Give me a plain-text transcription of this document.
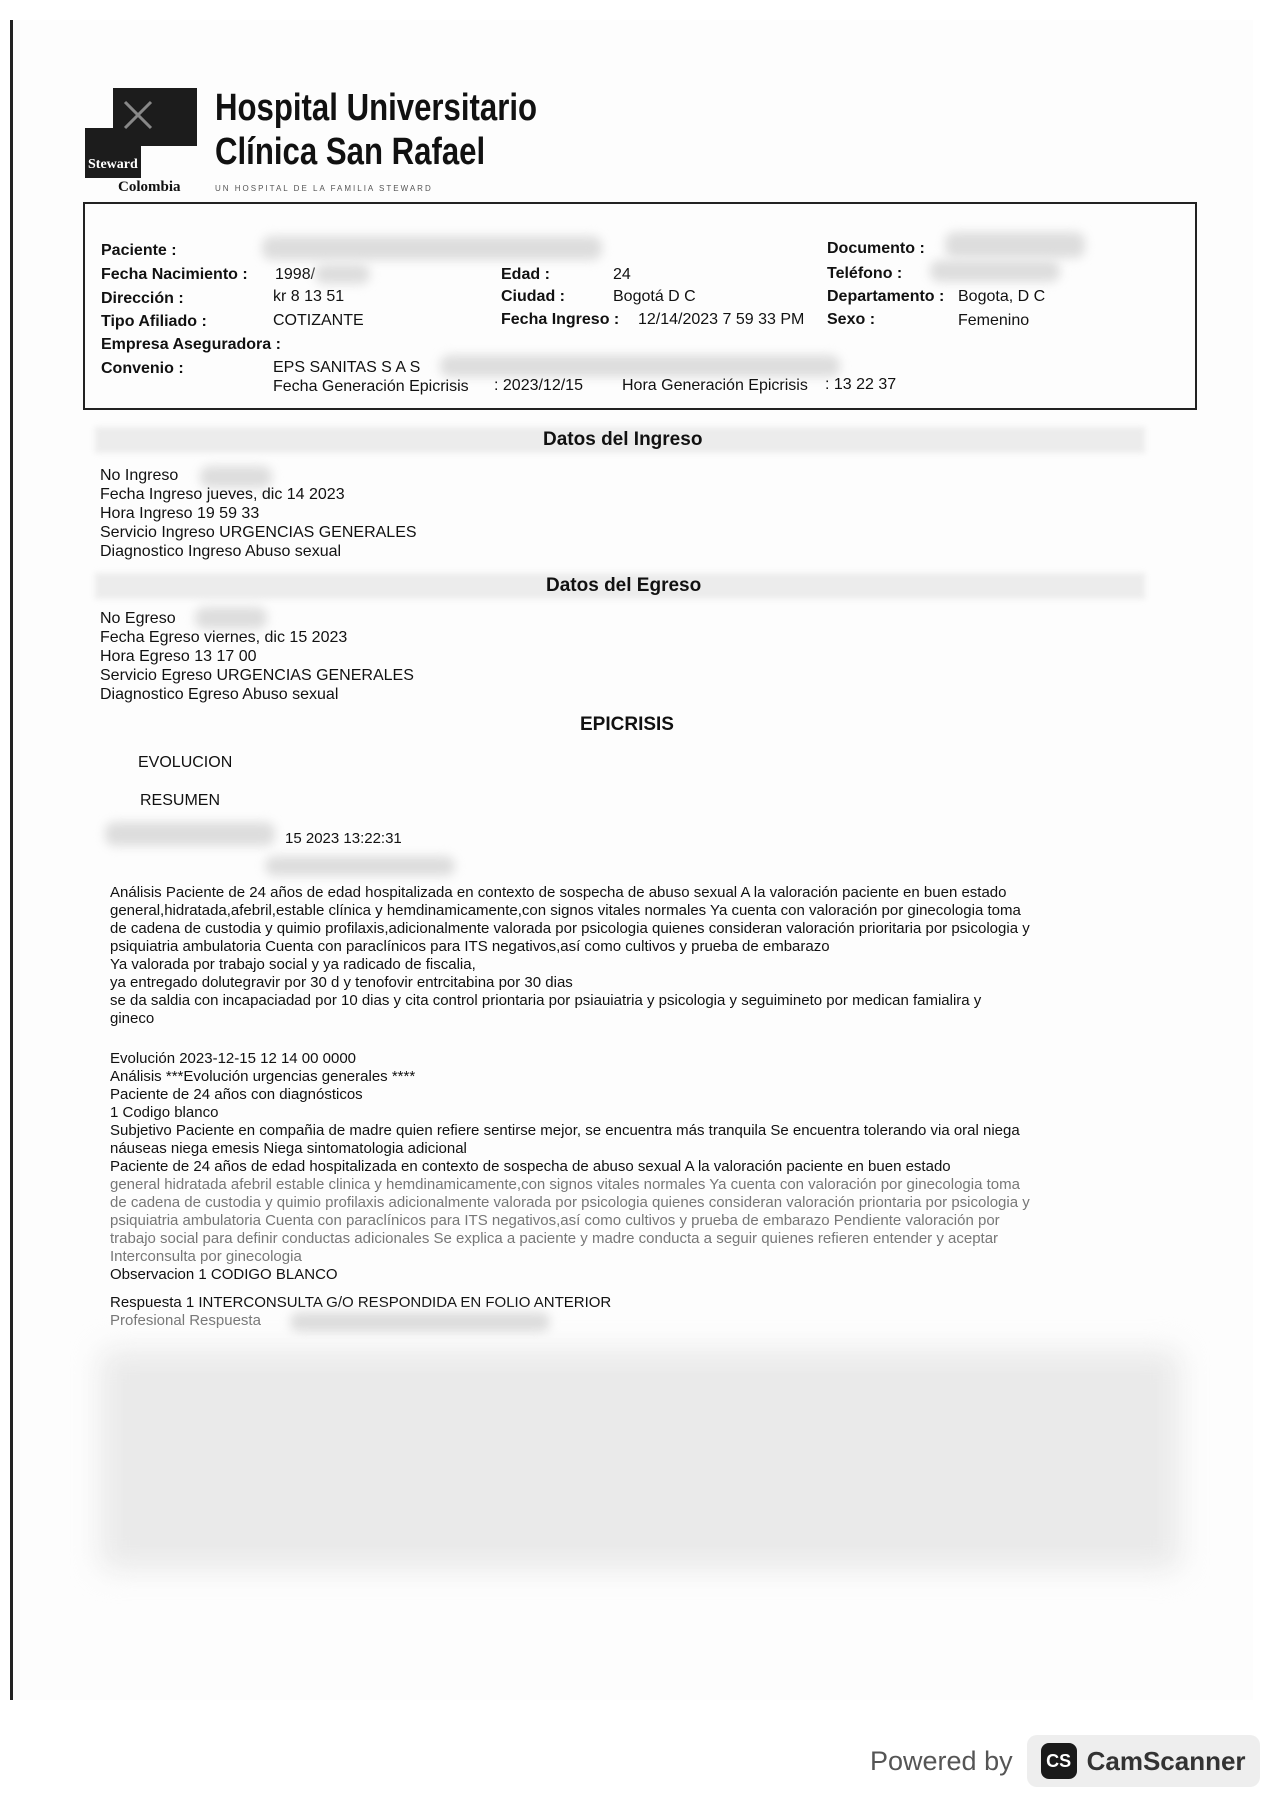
Steward
Hospital Universitario
Clínica San Rafael
Colombia	UN HOSPITAL DE LA FAMILIA STEWARD
Paciente :	Documento :
Fecha Nacimiento : 1998/	Edad :	24	Teléfono :
Dirección :	kr 8 13 51	Ciudad :	Bogotá D C	Departamento : Bogota, D C
Tipo Afiliado :	COTIZANTE	Fecha Ingreso : 12/14/2023 7 59 33 PM Sexo :	Femenino
Empresa Aseguradora :
Convenio :	EPS SANITAS S A S
Fecha Generación Epicrisis : 2023/12/15 Hora Generación Epicrisis : 13 22 37
Datos del Ingreso
No Ingreso
Fecha Ingreso jueves, dic 14 2023
Hora Ingreso 19 59 33
Servicio Ingreso URGENCIAS GENERALES
Diagnostico Ingreso Abuso sexual
Datos del Egreso
No Egreso
Fecha Egreso viernes, dic 15 2023
Hora Egreso 13 17 00
Servicio Egreso URGENCIAS GENERALES
Diagnostico Egreso Abuso sexual
EPICRISIS
EVOLUCION
RESUMEN
15 2023 13:22:31
Análisis Paciente de 24 años de edad hospitalizada en contexto de sospecha de abuso sexual A la valoración paciente en buen estado
general,hidratada,afebril,estable clínica y hemdinamicamente,con signos vitales normales Ya cuenta con valoración por ginecologia toma
de cadena de custodia y quimio profilaxis,adicionalmente valorada por psicologia quienes consideran valoración prioritaria por psicologia y
psiquiatria ambulatoria Cuenta con paraclínicos para ITS negativos,así como cultivos y prueba de embarazo
Ya valorada por trabajo social y ya radicado de fiscalia,
ya entregado dolutegravir por 30 d y tenofovir entrcitabina por 30 dias
se da saldia con incapaciadad por 10 dias y cita control priontaria por psiauiatria y psicologia y seguimineto por medican famialira y
gineco
Evolución 2023-12-15 12 14 00 0000
Análisis ***Evolución urgencias generales ****
Paciente de 24 años con diagnósticos
1 Codigo blanco
Subjetivo Paciente en compañia de madre quien refiere sentirse mejor, se encuentra más tranquila Se encuentra tolerando via oral niega
náuseas niega emesis Niega sintomatologia adicional
Paciente de 24 años de edad hospitalizada en contexto de sospecha de abuso sexual A la valoración paciente en buen estado
general hidratada afebril estable clinica y hemdinamicamente,con signos vitales normales Ya cuenta con valoración por ginecologia toma
de cadena de custodia y quimio profilaxis adicionalmente valorada por psicologia quienes consideran valoración priontaria por psicologia y
psiquiatria ambulatoria Cuenta con paraclínicos para ITS negativos,así como cultivos y prueba de embarazo Pendiente valoración por
trabajo social para definir conductas adicionales Se explica a paciente y madre conducta a seguir quienes refieren entender y aceptar
Interconsulta por ginecologia
Observacion 1 CODIGO BLANCO
Respuesta 1 INTERCONSULTA G/O RESPONDIDA EN FOLIO ANTERIOR
Profesional Respuesta
Powered by	CS CamScanner
